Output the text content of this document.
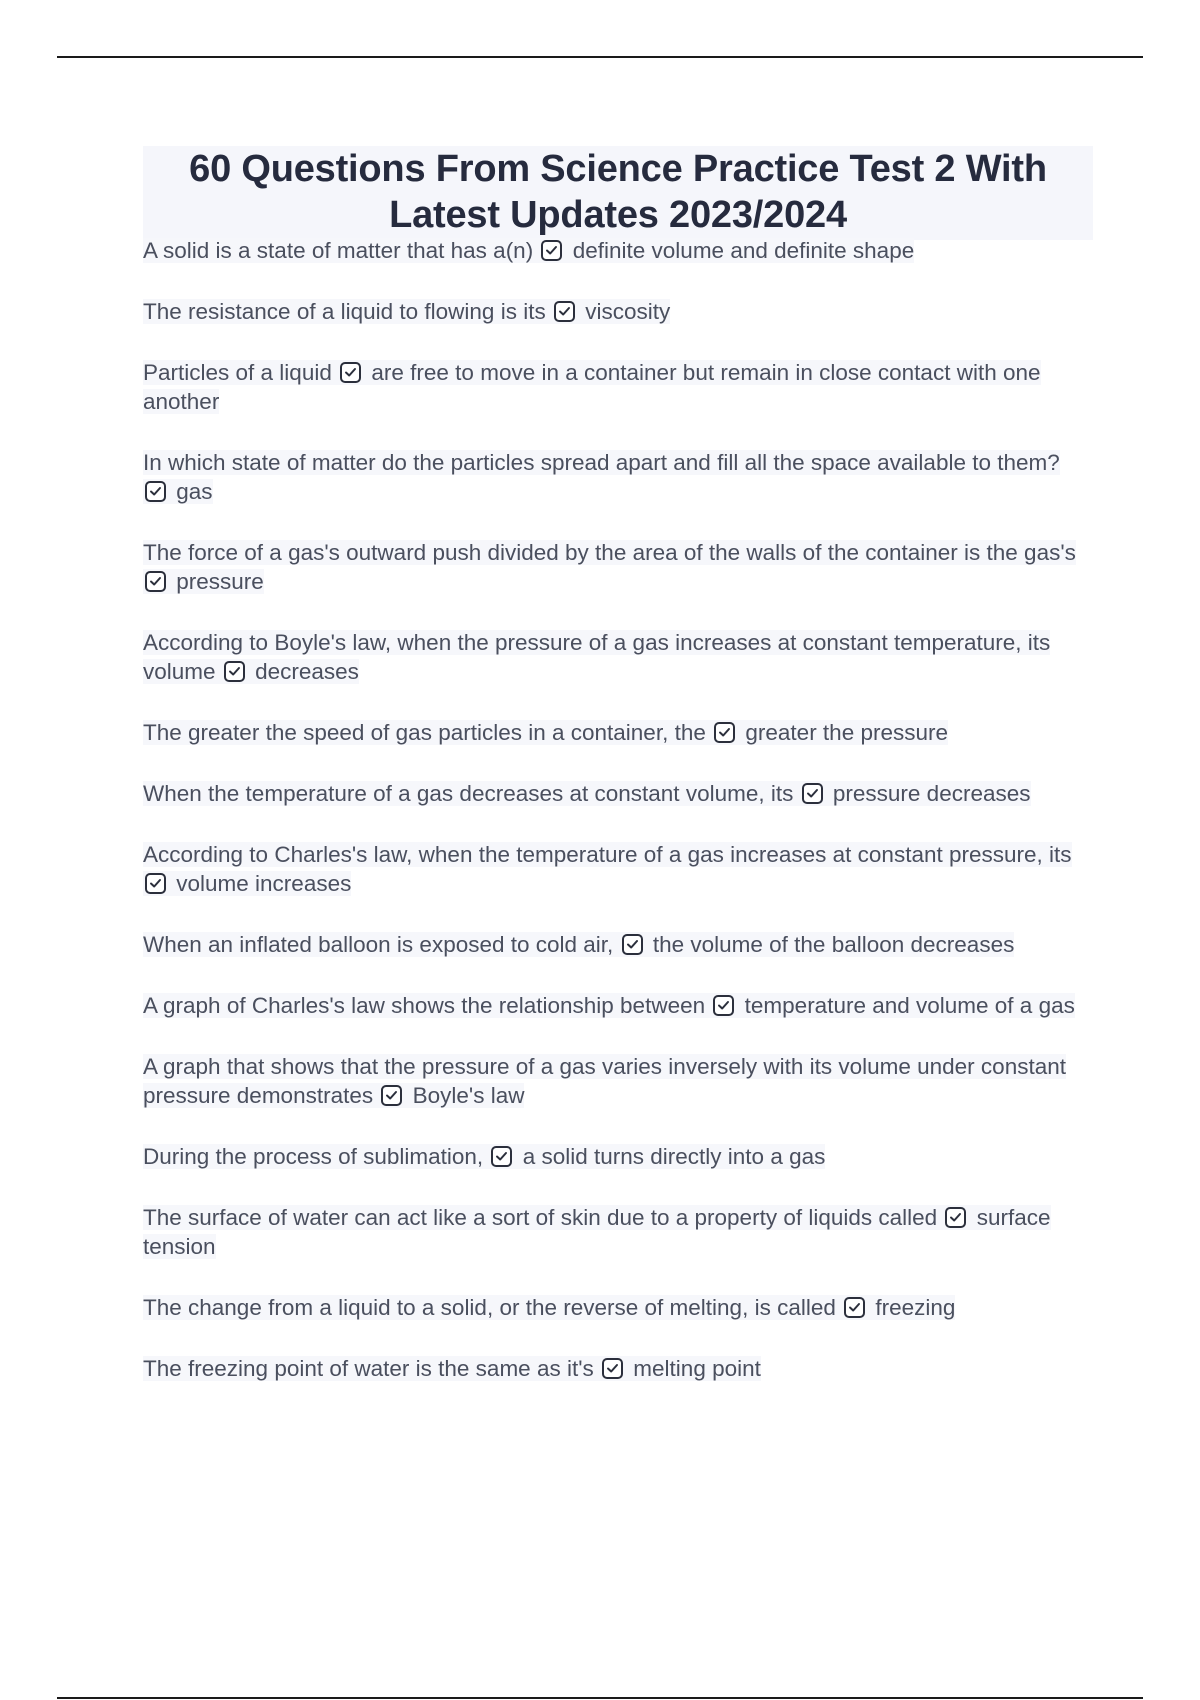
60 Questions From Science Practice Test 2 With Latest Updates 2023/2024
A solid is a state of matter that has a(n) definite volume and definite shape
The resistance of a liquid to flowing is its viscosity
Particles of a liquid are free to move in a container but remain in close contact with one another
In which state of matter do the particles spread apart and fill all the space available to them?
gas
The force of a gas's outward push divided by the area of the walls of the container is the gas's
pressure
According to Boyle's law, when the pressure of a gas increases at constant temperature, its volume decreases
The greater the speed of gas particles in a container, the greater the pressure
When the temperature of a gas decreases at constant volume, its pressure decreases
According to Charles's law, when the temperature of a gas increases at constant pressure, its
volume increases
When an inflated balloon is exposed to cold air, the volume of the balloon decreases
A graph of Charles's law shows the relationship between temperature and volume of a gas
A graph that shows that the pressure of a gas varies inversely with its volume under constant pressure demonstrates Boyle's law
During the process of sublimation, a solid turns directly into a gas
The surface of water can act like a sort of skin due to a property of liquids called surface tension
The change from a liquid to a solid, or the reverse of melting, is called freezing
The freezing point of water is the same as it's melting point
